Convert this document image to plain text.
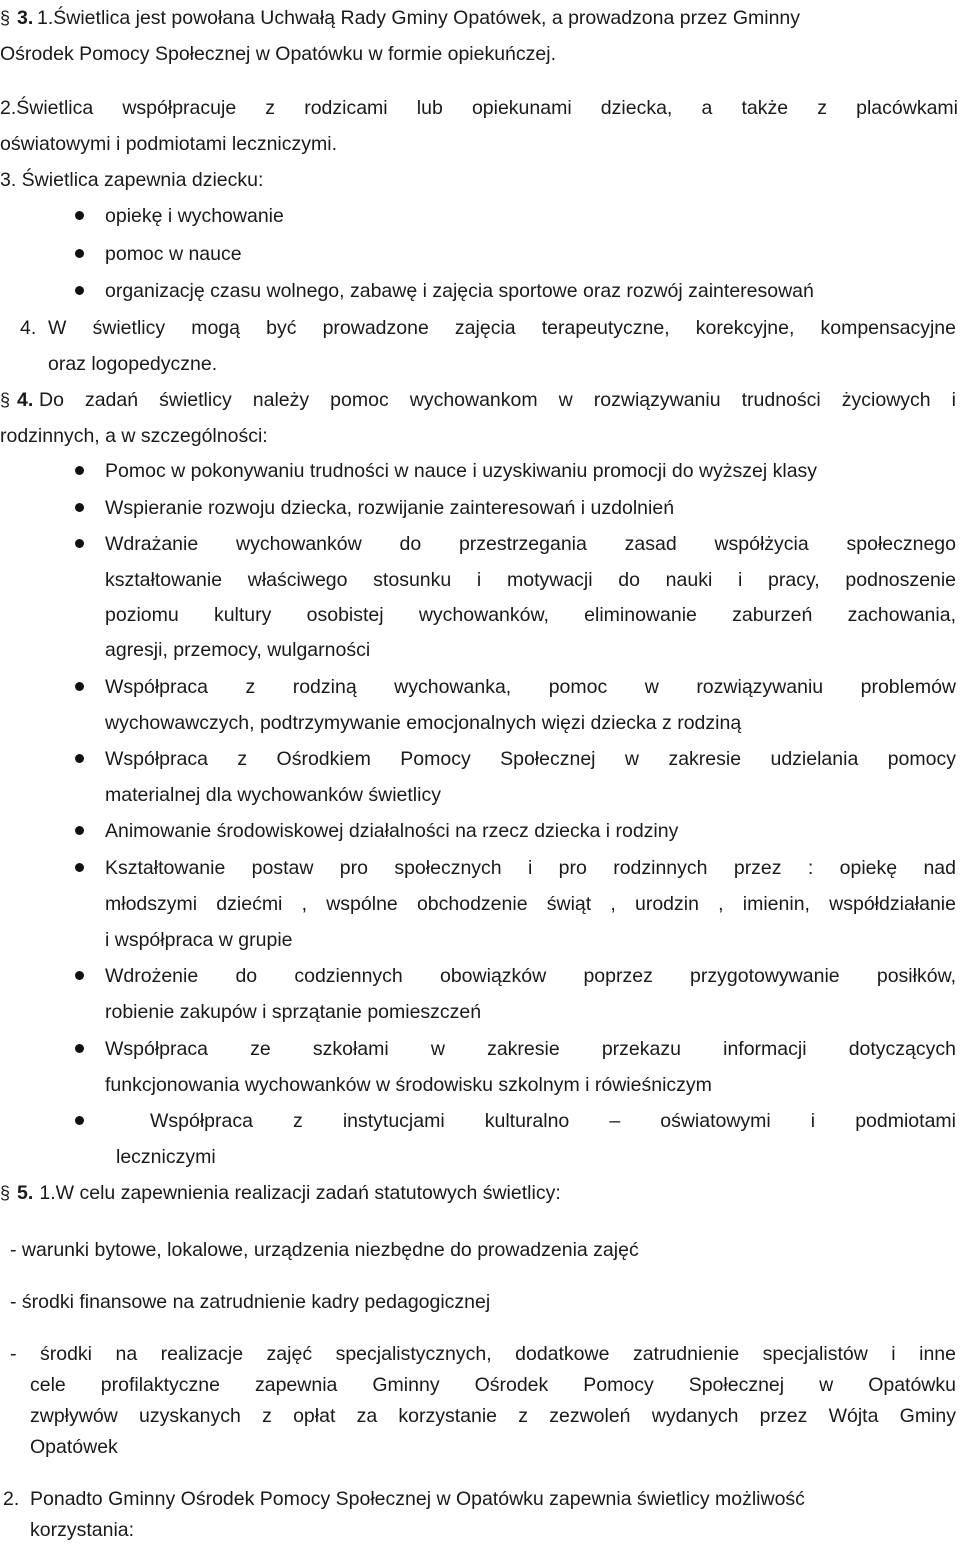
§ 3. 1.Świetlica jest powołana Uchwałą Rady Gminy Opatówek, a prowadzona przez Gminny

Ośrodek Pomocy Społecznej w Opatówku w formie opiekuńczej.

2.Świetlica współpracuje z rodzicami lub opiekunami dziecka, a także z placówkami

oświatowymi i podmiotami leczniczymi.

3. Świetlica zapewnia dziecku:

opiekę i wychowanie

pomoc w nauce

organizację czasu wolnego, zabawę i zajęcia sportowe oraz rozwój zainteresowań

4. W świetlicy mogą być prowadzone zajęcia terapeutyczne, korekcyjne, kompensacyjne

oraz logopedyczne.

§ 4. Do zadań świetlicy należy pomoc wychowankom w rozwiązywaniu trudności życiowych i

rodzinnych, a w szczególności:

Pomoc w pokonywaniu trudności w nauce i uzyskiwaniu promocji do wyższej klasy

Wspieranie rozwoju dziecka, rozwijanie zainteresowań i uzdolnień

Wdrażanie wychowanków do przestrzegania zasad współżycia społecznego

kształtowanie właściwego stosunku i motywacji do nauki i pracy, podnoszenie

poziomu kultury osobistej wychowanków, eliminowanie zaburzeń zachowania,

agresji, przemocy, wulgarności

Współpraca z rodziną wychowanka, pomoc w rozwiązywaniu problemów

wychowawczych, podtrzymywanie emocjonalnych więzi dziecka z rodziną

Współpraca z Ośrodkiem Pomocy Społecznej w zakresie udzielania pomocy

materialnej dla wychowanków świetlicy

Animowanie środowiskowej działalności na rzecz dziecka i rodziny

Kształtowanie postaw pro społecznych i pro rodzinnych przez : opiekę nad

młodszymi dziećmi , wspólne obchodzenie świąt , urodzin , imienin, współdziałanie

i współpraca w grupie

Wdrożenie do codziennych obowiązków poprzez przygotowywanie posiłków,

robienie zakupów i sprzątanie pomieszczeń

Współpraca ze szkołami w zakresie przekazu informacji dotyczących

funkcjonowania wychowanków w środowisku szkolnym i rówieśniczym

Współpraca z instytucjami kulturalno – oświatowymi i podmiotami

leczniczymi

§ 5. 1.W celu zapewnienia realizacji zadań statutowych świetlicy:

- warunki bytowe, lokalowe, urządzenia niezbędne do prowadzenia zajęć

- środki finansowe na zatrudnienie kadry pedagogicznej

- środki na realizacje zajęć specjalistycznych, dodatkowe zatrudnienie specjalistów i inne

cele profilaktyczne zapewnia Gminny Ośrodek Pomocy Społecznej w Opatówku

zwpływów uzyskanych z opłat za korzystanie z zezwoleń wydanych przez Wójta Gminy

Opatówek

2. Ponadto Gminny Ośrodek Pomocy Społecznej w Opatówku zapewnia świetlicy możliwość

korzystania:
